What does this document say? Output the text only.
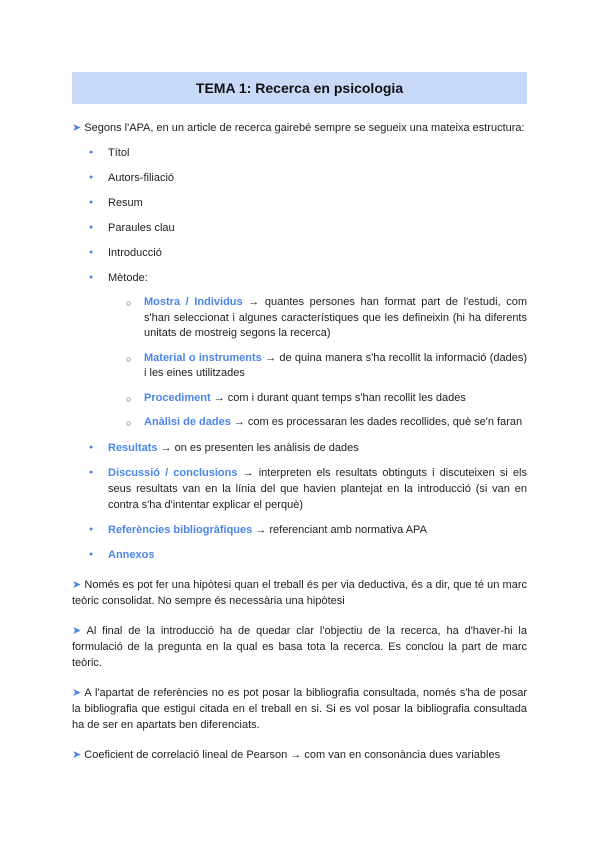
TEMA 1: Recerca en psicologia

➤ Segons l'APA, en un article de recerca gairebé sempre se segueix una mateixa estructura:

● Títol
● Autors-filiació
● Resum
● Paraules clau
● Introducció
● Mètode:
○ Mostra / Individus → quantes persones han format part de l'estudi, com s'han seleccionat i algunes característiques que les defineixin (hi ha diferents unitats de mostreig segons la recerca)
○ Material o instruments → de quina manera s'ha recollit la informació (dades) i les eines utilitzades
○ Procediment → com i durant quant temps s'han recollit les dades
○ Anàlisi de dades → com es processaran les dades recollides, què se'n faran
● Resultats → on es presenten les anàlisis de dades
● Discussió / conclusions → interpreten els resultats obtinguts i discuteixen si els seus resultats van en la línia del que havien plantejat en la introducció (si van en contra s'ha d'intentar explicar el perquè)
● Referències bibliogràfiques → referenciant amb normativa APA
● Annexos

➤ Només es pot fer una hipòtesi quan el treball és per via deductiva, és a dir, que té un marc teòric consolidat. No sempre és necessària una hipòtesi

➤ Al final de la introducció ha de quedar clar l'objectiu de la recerca, ha d'haver-hi la formulació de la pregunta en la qual es basa tota la recerca. Es conclou la part de marc teòric.

➤ A l'apartat de referències no es pot posar la bibliografia consultada, només s'ha de posar la bibliografia que estigui citada en el treball en si. Si es vol posar la bibliografia consultada ha de ser en apartats ben diferenciats.

➤ Coeficient de correlació lineal de Pearson → com van en consonància dues variables
